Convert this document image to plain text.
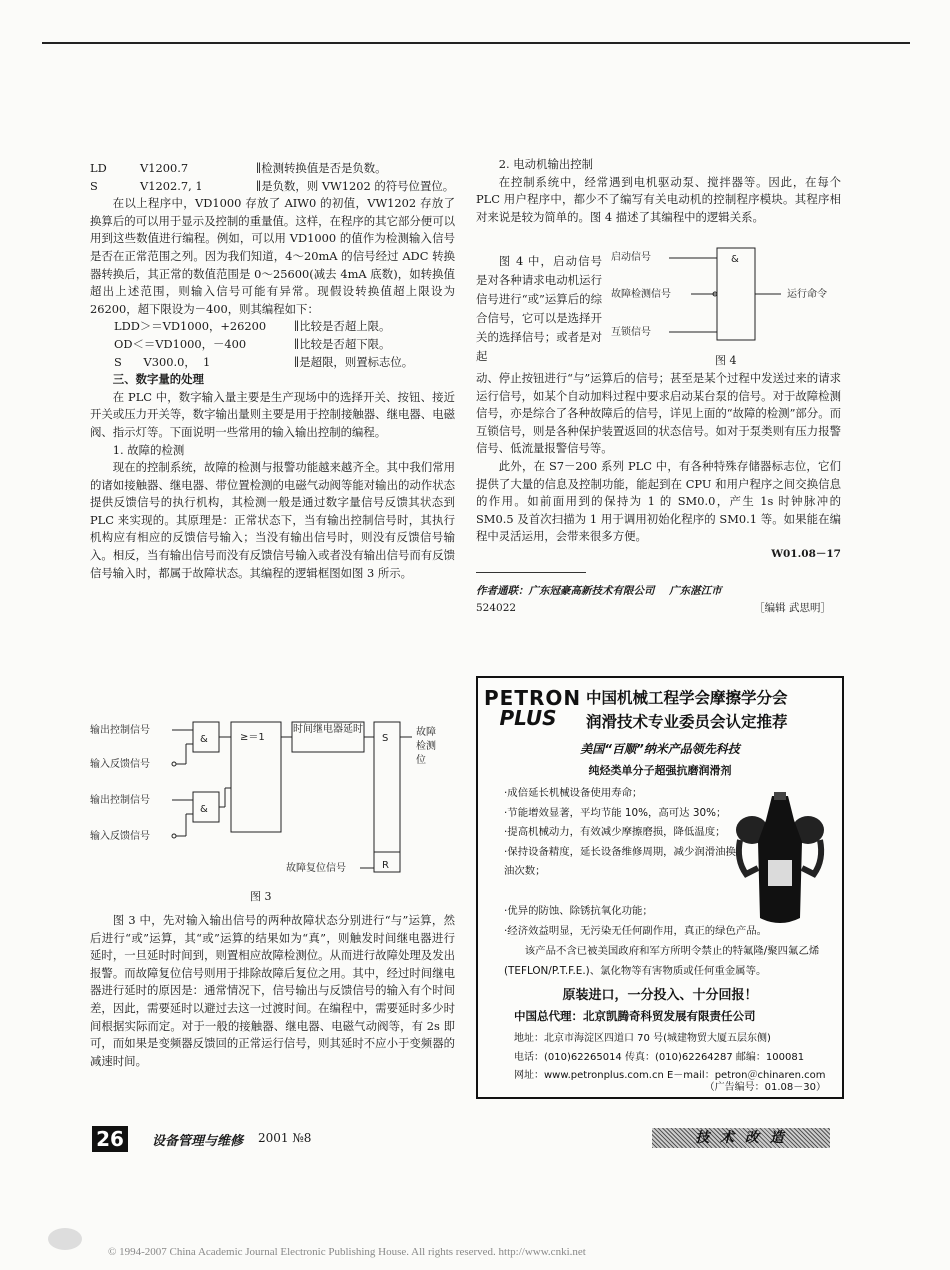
LD	V1200.7	∥检测转换值是否是负数。
S	V1202.7, 1	∥是负数，则 VW1202 的符号位置位。

在以上程序中，VD1000 存放了 AIW0 的初值，VW1202 存放了换算后的可以用于显示及控制的重量值。这样，在程序的其它部分便可以用到这些数值进行编程。例如，可以用 VD1000 的值作为检测输入信号是否在正常范围之列。因为我们知道，4～20mA 的信号经过 ADC 转换器转换后，其正常的数值范围是 0～25600(减去 4mA 底数)，如转换值超出上述范围，则输入信号可能有异常。现假设转换值超上限设为 26200，超下限设为－400，则其编程如下：

LDD＞＝VD1000，+26200	∥比较是否超上限。
OD＜＝VD1000，－400	∥比较是否超下限。
S      V300.0，  1	∥是超限，则置标志位。

三、数字量的处理

在 PLC 中，数字输入量主要是生产现场中的选择开关、按钮、接近开关或压力开关等，数字输出量则主要是用于控制接触器、继电器、电磁阀、指示灯等。下面说明一些常用的输入输出控制的编程。

1. 故障的检测

现在的控制系统，故障的检测与报警功能越来越齐全。其中我们常用的诸如接触器、继电器、带位置检测的电磁气动阀等能对输出的动作状态提供反馈信号的执行机构，其检测一般是通过数字量信号反馈其状态到 PLC 来实现的。其原理是：正常状态下，当有输出控制信号时，其执行机构应有相应的反馈信号输入；当没有输出信号时，则没有反馈信号输入。相反，当有输出信号而没有反馈信号输入或者没有输出信号而有反馈信号输入时，都属于故障状态。其编程的逻辑框图如图 3 所示。

输出控制信号
输入反馈信号
输出控制信号
输入反馈信号
&
&
≥＝1
时间继电器延时
S
R
故障
检测
位
故障复位信号
图 3

图 3 中，先对输入输出信号的两种故障状态分别进行“与”运算，然后进行“或”运算，其“或”运算的结果如为“真”，则触发时间继电器进行延时，一旦延时时间到，则置相应故障检测位。从而进行故障处理及发出报警。而故障复位信号则用于排除故障后复位之用。其中，经过时间继电器进行延时的原因是：通常情况下，信号输出与反馈信号的输入有个时间差，因此，需要延时以避过去这一过渡时间。在编程中，需要延时多少时间根据实际而定。对于一般的接触器、继电器、电磁气动阀等，有 2s 即可，而如果是变频器反馈回的正常运行信号，则其延时不应小于变频器的减速时间。

2. 电动机输出控制

在控制系统中，经常遇到电机驱动泵、搅拌器等。因此，在每个 PLC 用户程序中，都少不了编写有关电动机的控制程序模块。其程序相对来说是较为简单的。图 4 描述了其编程中的逻辑关系。

图 4 中，启动信号是对各种请求电动机运行信号进行“或”运算后的综合信号，它可以是选择开关的选择信号；或者是对起
启动信号
故障检测信号
互锁信号
&
运行命令
图 4

动、停止按钮进行“与”运算后的信号；甚至是某个过程中发送过来的请求运行信号，如某个自动加料过程中要求启动某台泵的信号。对于故障检测信号，亦是综合了各种故障后的信号，详见上面的“故障的检测”部分。而互锁信号，则是各种保护装置返回的状态信号。如对于泵类则有压力报警信号、低流量报警信号等。

此外，在 S7－200 系列 PLC 中，有各种特殊存储器标志位，它们提供了大量的信息及控制功能，能起到在 CPU 和用户程序之间交换信息的作用。如前面用到的保持为 1 的 SM0.0，产生 1s 时钟脉冲的 SM0.5 及首次扫描为 1 用于调用初始化程序的 SM0.1 等。如果能在编程中灵活运用，会带来很多方便。

W01.08－17

作者通联：广东冠豪高新技术有限公司    广东湛江市

524022	［编辑 武思明］
PETRON
PLUS
中国机械工程学会摩擦学分会
润滑技术专业委员会认定推荐
美国“百顺”纳米产品领先科技
纯烃类单分子超强抗磨润滑剂
·成倍延长机械设备使用寿命；
·节能增效显著，平均节能 10%，高可达 30%；
·提高机械动力，有效减少摩擦磨损，降低温度；
·保持设备精度，延长设备维修周期，减少润滑油换油次数；
·优异的防蚀、除锈抗氧化功能；
·经济效益明显，无污染无任何副作用，真正的绿色产品。
该产品不含已被美国政府和军方所明令禁止的特氟隆/聚四氟乙烯(TEFLON/P.T.F.E.)、氯化物等有害物质或任何重金属等。
原装进口，一分投入、十分回报！
中国总代理：北京凯腾奇科贸发展有限责任公司
地址：北京市海淀区四道口 70 号(城建物贸大厦五层东侧)
电话：(010)62265014 传真：(010)62264287 邮编：100081
网址：www.petronplus.com.cn E－mail：petron＠chinaren.com
（广告编号：01.08－30）
26	设备管理与维修 2001 №8	技 术 改 造
© 1994-2007 China Academic Journal Electronic Publishing House. All rights reserved. http://www.cnki.net
